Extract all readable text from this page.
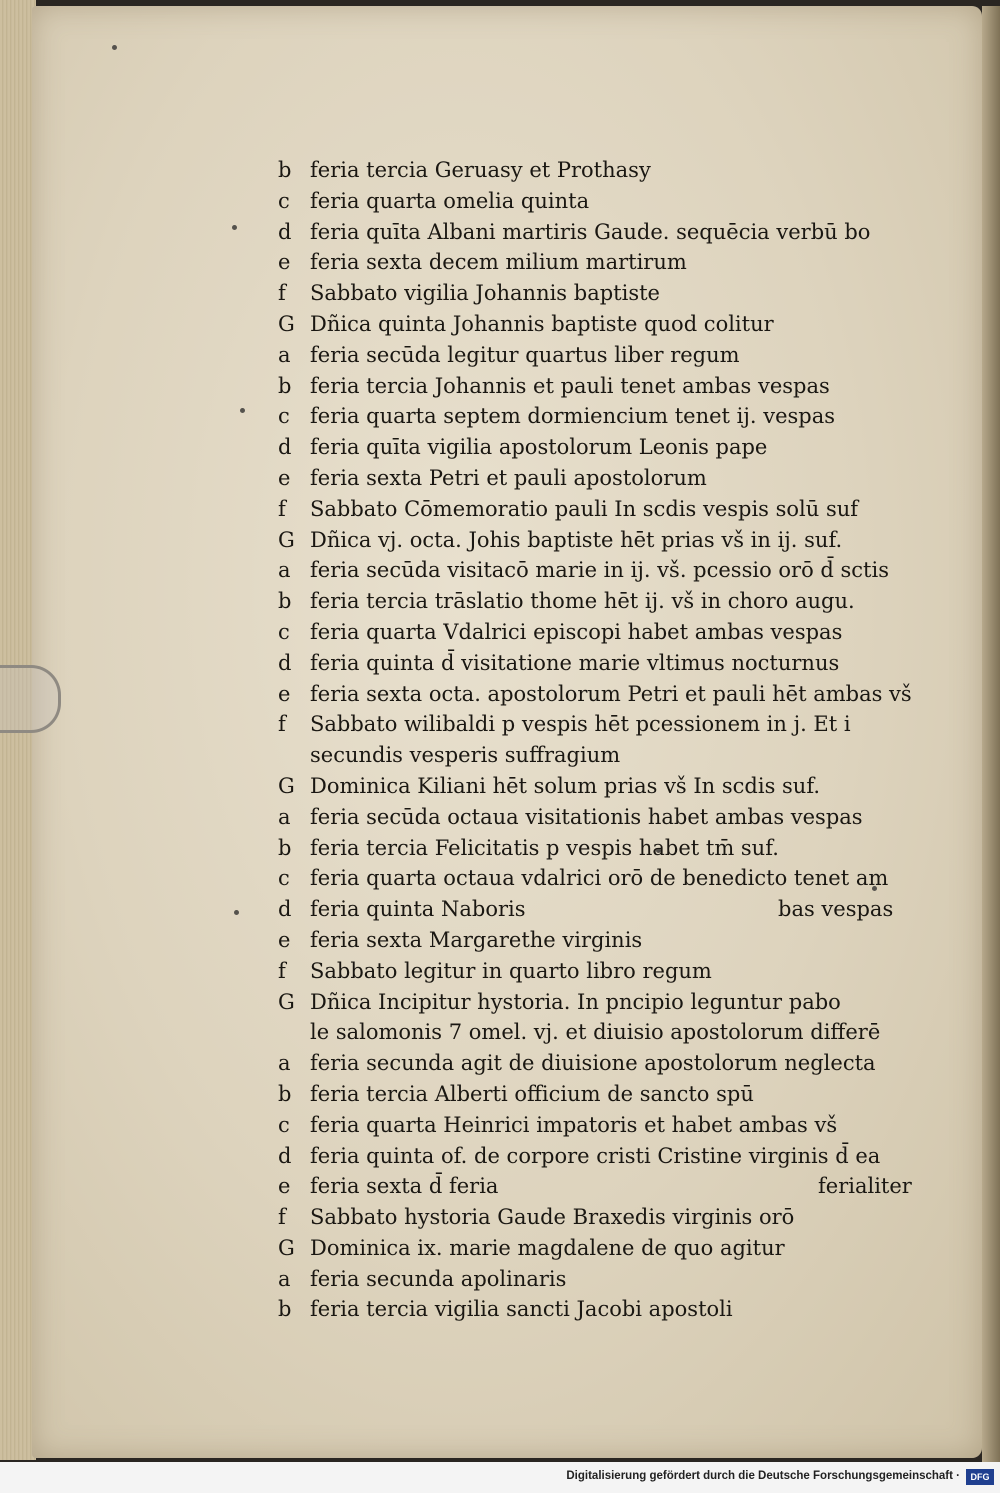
b feria tercia Geruasy et Prothasy
c feria quarta omelia quinta
d feria quīta Albani martiris Gaude. sequēcia verbū bo
e feria sexta decem milium martirum
f	Sabbato vigilia Johannis baptiste
G Dñica quinta Johannis baptiste quod colitur
a feria secūda legitur quartus liber regum
b feria tercia Johannis et pauli tenet ambas vespas
c feria quarta septem dormiencium tenet ij. vespas
d feria quīta vigilia apostolorum Leonis pape
e feria sexta Petri et pauli apostolorum
f	Sabbato Cōmemoratio pauli In scdis vespis solū suf
G Dñica vj. octa. Johis baptiste hēt prias vš in ij. suf.
a feria secūda visitacō marie in ij. vš. pcessio orō d̄ sctis
b feria tercia trāslatio thome hēt ij. vš in choro augu.
c feria quarta Vdalrici episcopi habet ambas vespas
d feria quinta d̄ visitatione marie vltimus nocturnus
e feria sexta octa. apostolorum Petri et pauli hēt ambas vš
f	Sabbato wilibaldi p vespis hēt pcessionem in j. Et i
secundis vesperis suffragium
G Dominica Kiliani hēt solum prias vš In scdis suf.
a feria secūda octaua visitationis habet ambas vespas
b feria tercia Felicitatis p vespis habet tm̄ suf.
c feria quarta octaua vdalrici orō de benedicto tenet am
d feria quinta Naboris	bas vespas
e feria sexta Margarethe virginis
f	Sabbato legitur in quarto libro regum
G Dñica Incipitur hystoria. In pncipio leguntur pabo
le salomonis 7 omel. vj. et diuisio apostolorum differē
a feria secunda agit de diuisione apostolorum neglecta
b feria tercia Alberti officium de sancto spū
c feria quarta Heinrici impatoris et habet ambas vš
d feria quinta of. de corpore cristi Cristine virginis d̄ ea
e feria sexta d̄ feria	ferialiter
f	Sabbato hystoria Gaude Braxedis virginis orō
G Dominica ix. marie magdalene de quo agitur
a feria secunda apolinaris
b feria tercia vigilia sancti Jacobi apostoli
Digitalisierung gefördert durch die Deutsche Forschungsgemeinschaft ·	DFG
